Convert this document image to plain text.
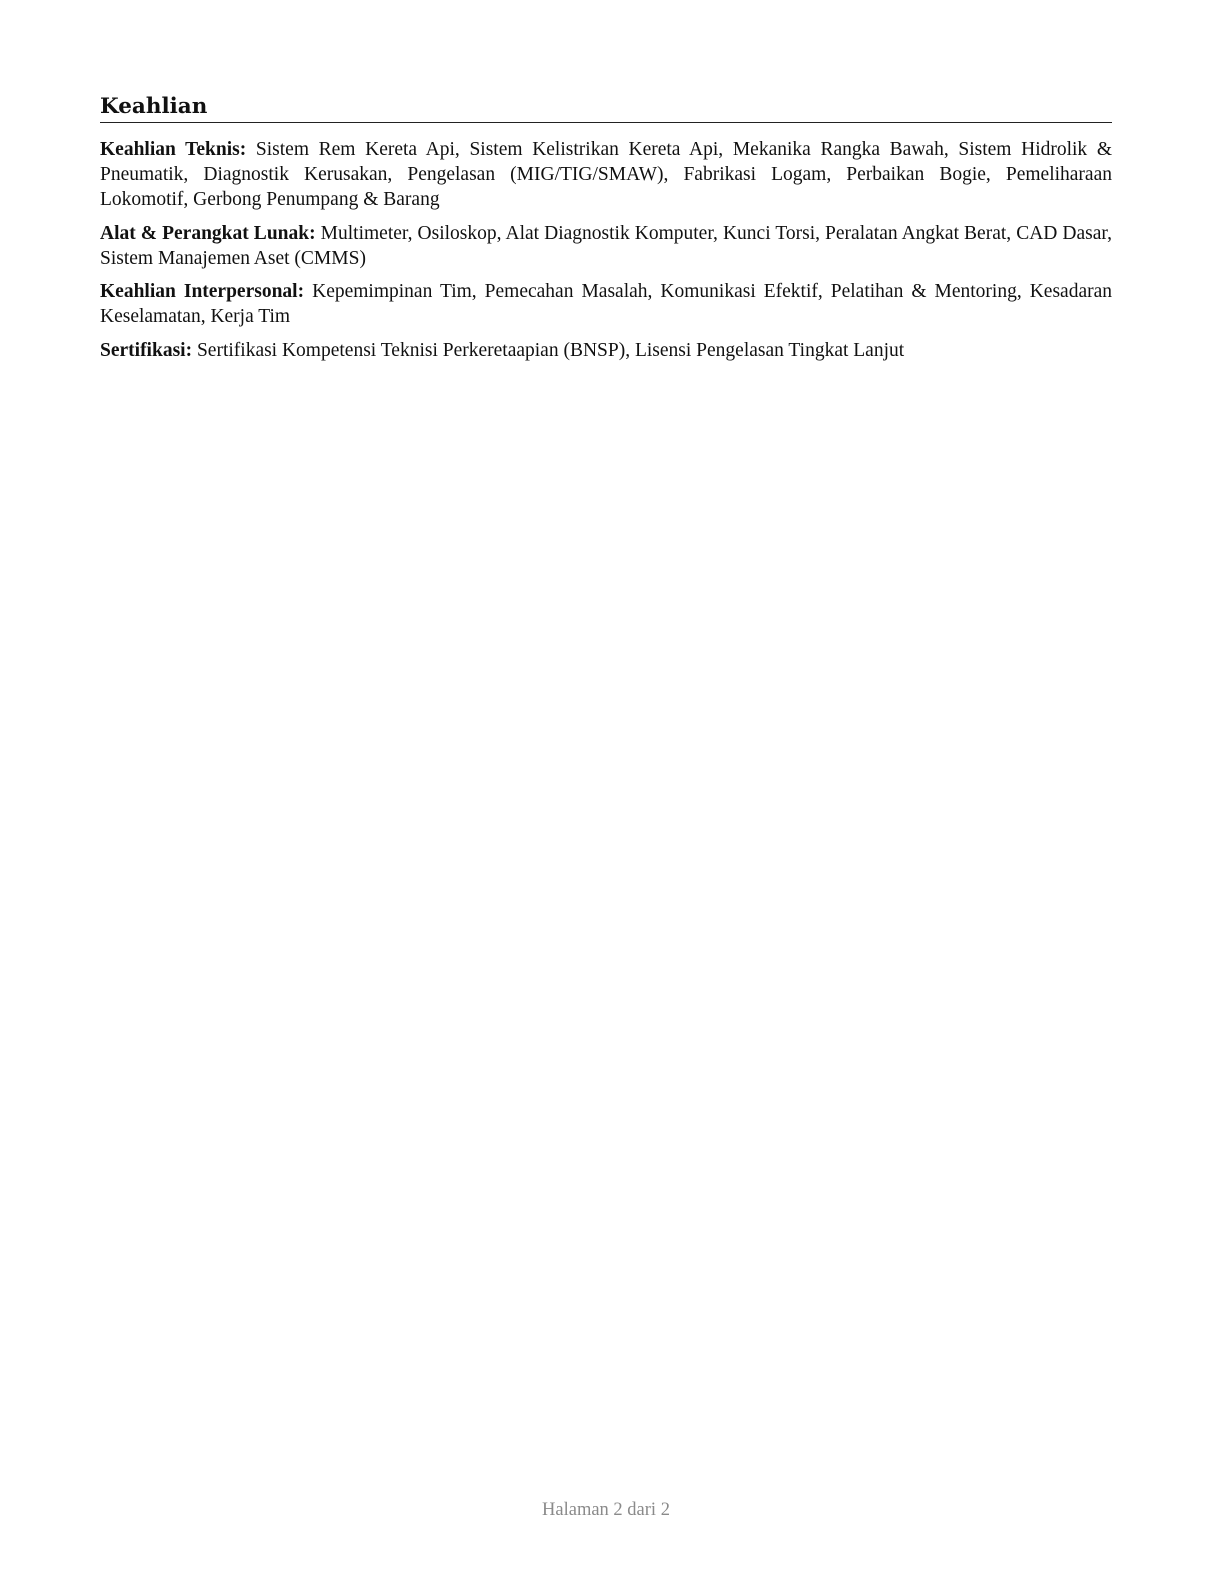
Keahlian

Keahlian Teknis: Sistem Rem Kereta Api, Sistem Kelistrikan Kereta Api, Mekanika Rangka Bawah, Sistem Hidrolik & Pneumatik, Diagnostik Kerusakan, Pengelasan (MIG/TIG/SMAW), Fabrikasi Logam, Perbaikan Bogie, Pemeliharaan Lokomotif, Gerbong Penumpang & Barang

Alat & Perangkat Lunak: Multimeter, Osiloskop, Alat Diagnostik Komputer, Kunci Torsi, Peralatan Angkat Berat, CAD Dasar, Sistem Manajemen Aset (CMMS)

Keahlian Interpersonal: Kepemimpinan Tim, Pemecahan Masalah, Komunikasi Efektif, Pelatihan & Mentoring, Kesadaran Keselamatan, Kerja Tim

Sertifikasi: Sertifikasi Kompetensi Teknisi Perkeretaapian (BNSP), Lisensi Pengelasan Tingkat Lanjut

Halaman 2 dari 2
